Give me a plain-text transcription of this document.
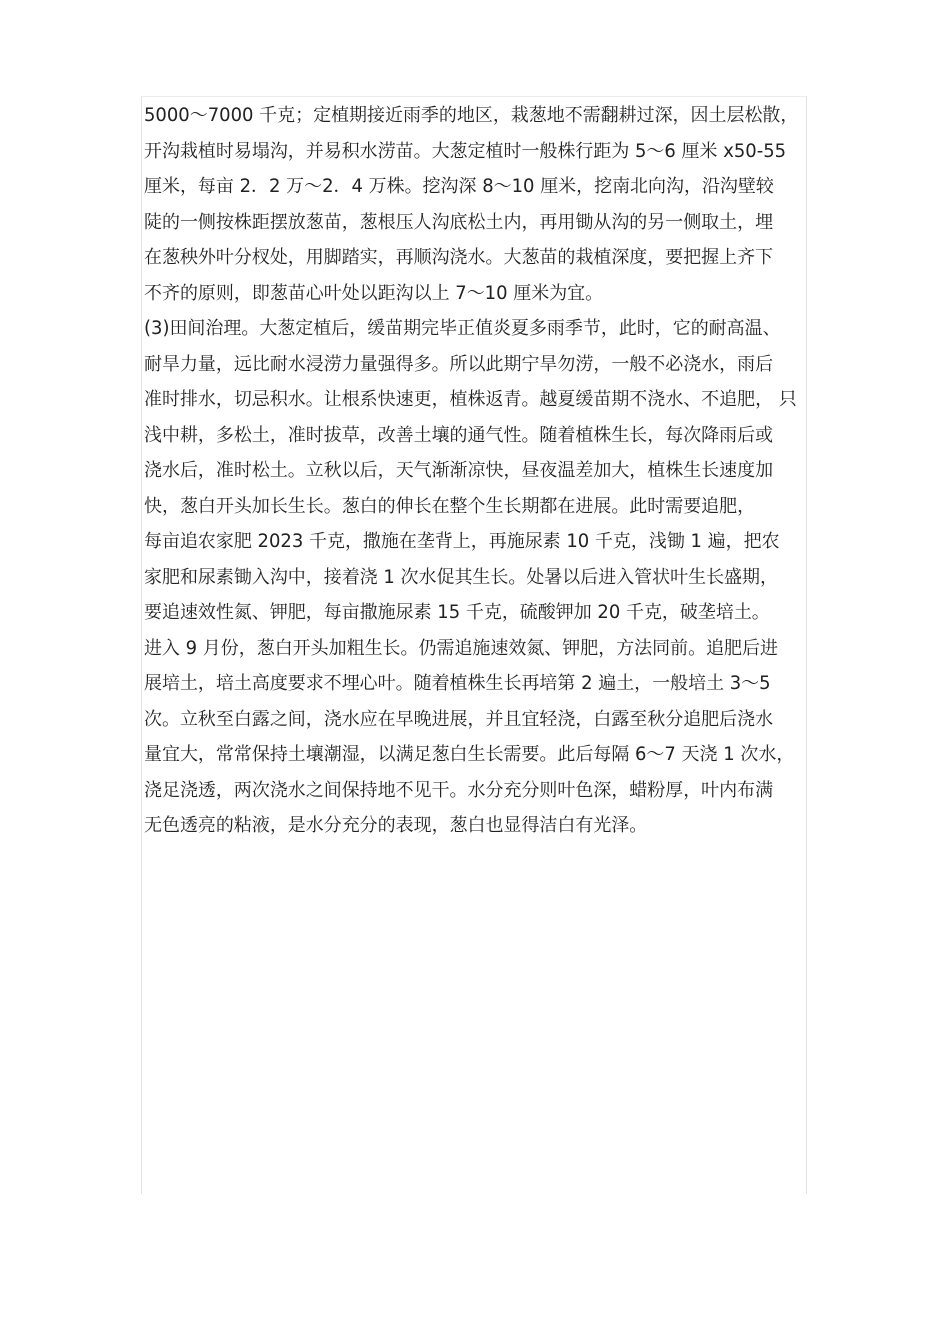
5000～7000 千克；定植期接近雨季的地区，栽葱地不需翻耕过深，因土层松散，
开沟栽植时易塌沟，并易积水涝苗。大葱定植时一般株行距为 5～6 厘米 x50-55
厘米，每亩 2．2 万～2．4 万株。挖沟深 8～10 厘米，挖南北向沟，沿沟壁较
陡的一侧按株距摆放葱苗，葱根压人沟底松土内，再用锄从沟的另一侧取土，埋
在葱秧外叶分杈处，用脚踏实，再顺沟浇水。大葱苗的栽植深度，要把握上齐下
不齐的原则，即葱苗心叶处以距沟以上 7～10 厘米为宜。
(3)田间治理。大葱定植后，缓苗期完毕正值炎夏多雨季节，此时，它的耐高温、
耐旱力量，远比耐水浸涝力量强得多。所以此期宁旱勿涝，一般不必浇水，雨后
准时排水，切忌积水。让根系快速更，植株返青。越夏缓苗期不浇水、不追肥， 只
浅中耕，多松土，准时拔草，改善土壤的通气性。随着植株生长，每次降雨后或
浇水后，准时松土。立秋以后，天气渐渐凉快，昼夜温差加大，植株生长速度加
快，葱白开头加长生长。葱白的伸长在整个生长期都在进展。此时需要追肥，
每亩追农家肥 2023 千克，撒施在垄背上，再施尿素 10 千克，浅锄 1 遍，把农
家肥和尿素锄入沟中，接着浇 1 次水促其生长。处暑以后进入管状叶生长盛期，
要追速效性氮、钾肥，每亩撒施尿素 15 千克，硫酸钾加 20 千克，破垄培土。
进入 9 月份，葱白开头加粗生长。仍需追施速效氮、钾肥，方法同前。追肥后进
展培土，培土高度要求不埋心叶。随着植株生长再培第 2 遍土，一般培土 3～5
次。立秋至白露之间，浇水应在早晚进展，并且宜轻浇，白露至秋分追肥后浇水
量宜大，常常保持土壤潮湿，以满足葱白生长需要。此后每隔 6～7 天浇 1 次水，
浇足浇透，两次浇水之间保持地不见干。水分充分则叶色深，蜡粉厚，叶内布满
无色透亮的粘液，是水分充分的表现，葱白也显得洁白有光泽。
